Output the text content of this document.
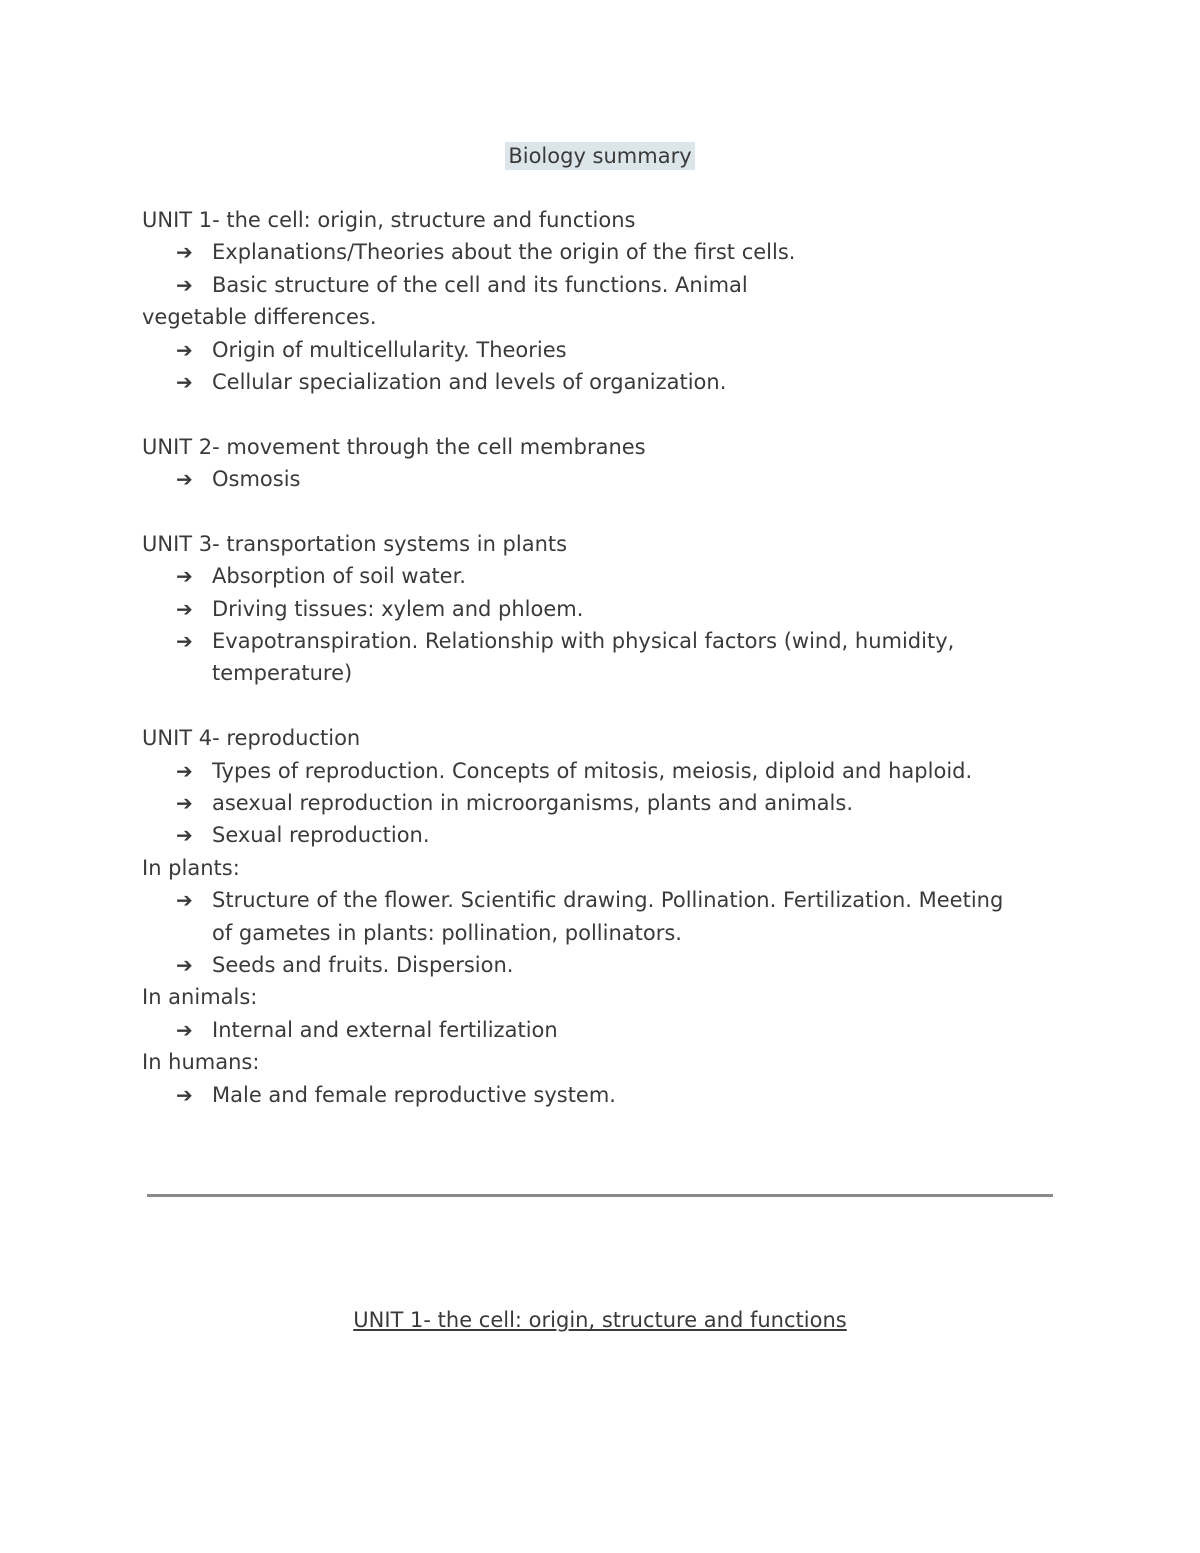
Biology summary
UNIT 1- the cell: origin, structure and functions
➔ Explanations/Theories about the origin of the first cells.
➔ Basic structure of the cell and its functions. Animal
vegetable differences.
➔ Origin of multicellularity. Theories
➔ Cellular specialization and levels of organization.
UNIT 2- movement through the cell membranes
➔ Osmosis
UNIT 3- transportation systems in plants
➔ Absorption of soil water.
➔ Driving tissues: xylem and phloem.
➔ Evapotranspiration. Relationship with physical factors (wind, humidity, temperature)
UNIT 4- reproduction
➔ Types of reproduction. Concepts of mitosis, meiosis, diploid and haploid.
➔ asexual reproduction in microorganisms, plants and animals.
➔ Sexual reproduction.
In plants:
➔ Structure of the flower. Scientific drawing. Pollination. Fertilization. Meeting of gametes in plants: pollination, pollinators.
➔ Seeds and fruits. Dispersion.
In animals:
➔ Internal and external fertilization
In humans:
➔ Male and female reproductive system.
UNIT 1- the cell: origin, structure and functions
